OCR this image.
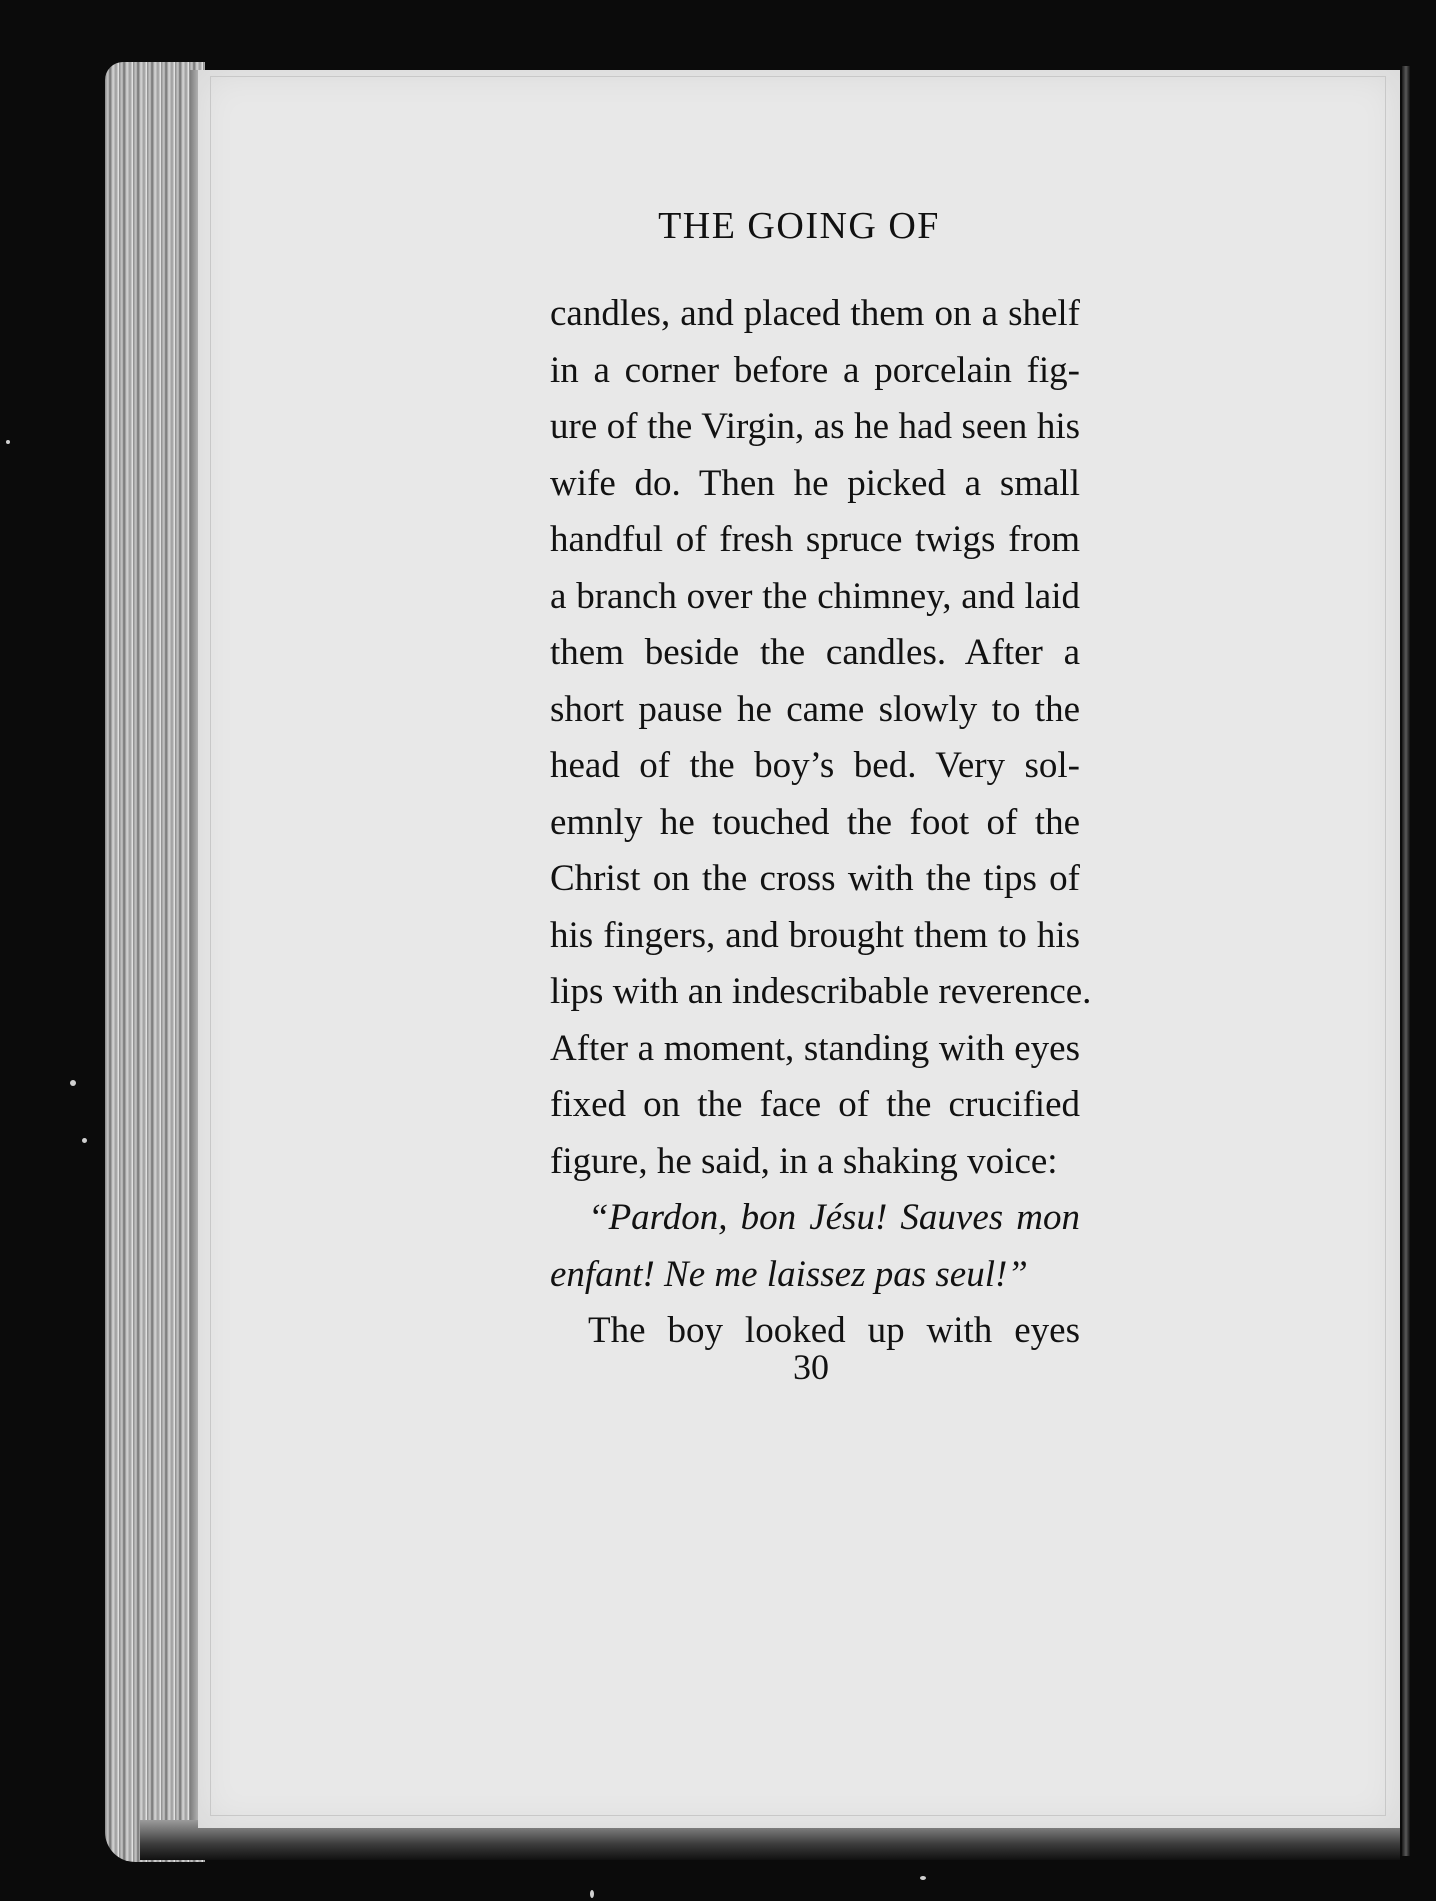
THE GOING OF
candles, and placed them on a shelf
in a corner before a porcelain fig-
ure of the Virgin, as he had seen his
wife do. Then he picked a small
handful of fresh spruce twigs from
a branch over the chimney, and laid
them beside the candles. After a
short pause he came slowly to the
head of the boy’s bed. Very sol-
emnly he touched the foot of the
Christ on the cross with the tips of
his fingers, and brought them to his
lips with an indescribable reverence.
After a moment, standing with eyes
fixed on the face of the crucified
figure, he said, in a shaking voice:
“Pardon, bon Jésu! Sauves mon
enfant! Ne me laissez pas seul!”
The boy looked up with eyes
30
